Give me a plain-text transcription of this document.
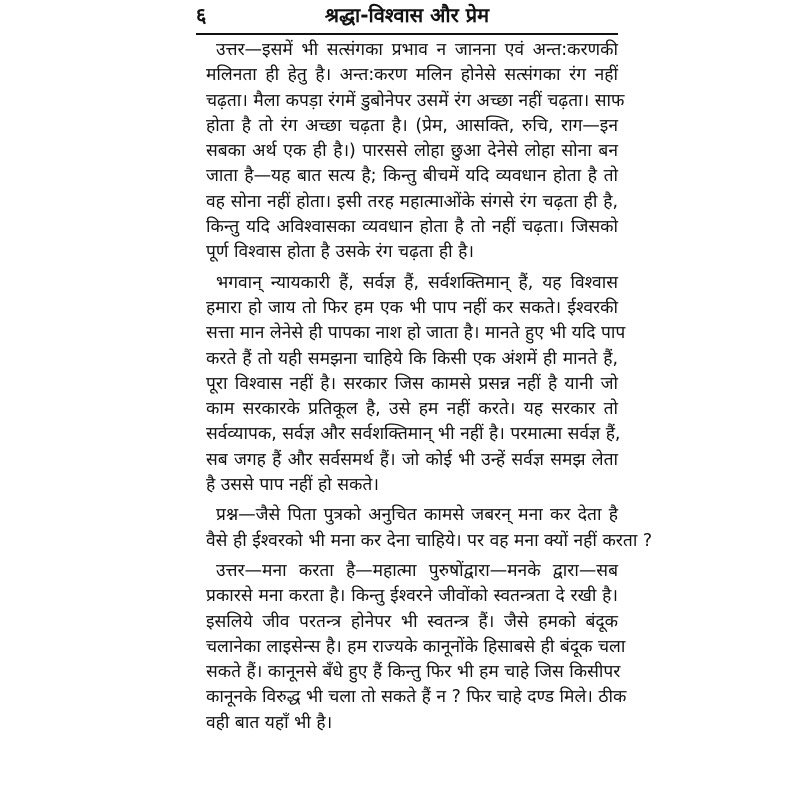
६	श्रद्धा-विश्वास और प्रेम

उत्तर—इसमें भी सत्संगका प्रभाव न जानना एवं अन्त:करणकी
मलिनता ही हेतु है। अन्त:करण मलिन होनेसे सत्संगका रंग नहीं
चढ़ता। मैला कपड़ा रंगमें डुबोनेपर उसमें रंग अच्छा नहीं चढ़ता। साफ
होता है तो रंग अच्छा चढ़ता है। (प्रेम, आसक्ति, रुचि, राग—इन
सबका अर्थ एक ही है।) पारससे लोहा छुआ देनेसे लोहा सोना बन
जाता है—यह बात सत्य है; किन्तु बीचमें यदि व्यवधान होता है तो
वह सोना नहीं होता। इसी तरह महात्माओंके संगसे रंग चढ़ता ही है,
किन्तु यदि अविश्वासका व्यवधान होता है तो नहीं चढ़ता। जिसको
पूर्ण विश्वास होता है उसके रंग चढ़ता ही है।

भगवान् न्यायकारी हैं, सर्वज्ञ हैं, सर्वशक्तिमान् हैं, यह विश्वास
हमारा हो जाय तो फिर हम एक भी पाप नहीं कर सकते। ईश्वरकी
सत्ता मान लेनेसे ही पापका नाश हो जाता है। मानते हुए भी यदि पाप
करते हैं तो यही समझना चाहिये कि किसी एक अंशमें ही मानते हैं,
पूरा विश्वास नहीं है। सरकार जिस कामसे प्रसन्न नहीं है यानी जो
काम सरकारके प्रतिकूल है, उसे हम नहीं करते। यह सरकार तो
सर्वव्यापक, सर्वज्ञ और सर्वशक्तिमान् भी नहीं है। परमात्मा सर्वज्ञ हैं,
सब जगह हैं और सर्वसमर्थ हैं। जो कोई भी उन्हें सर्वज्ञ समझ लेता
है उससे पाप नहीं हो सकते।

प्रश्न—जैसे पिता पुत्रको अनुचित कामसे जबरन् मना कर देता है
वैसे ही ईश्वरको भी मना कर देना चाहिये। पर वह मना क्यों नहीं करता ?

उत्तर—मना करता है—महात्मा पुरुषोंद्वारा—मनके द्वारा—सब
प्रकारसे मना करता है। किन्तु ईश्वरने जीवोंको स्वतन्त्रता दे रखी है।
इसलिये जीव परतन्त्र होनेपर भी स्वतन्त्र हैं। जैसे हमको बंदूक
चलानेका लाइसेन्स है। हम राज्यके कानूनोंके हिसाबसे ही बंदूक चला
सकते हैं। कानूनसे बँधे हुए हैं किन्तु फिर भी हम चाहे जिस किसीपर
कानूनके विरुद्ध भी चला तो सकते हैं न ? फिर चाहे दण्ड मिले। ठीक
वही बात यहाँ भी है।
